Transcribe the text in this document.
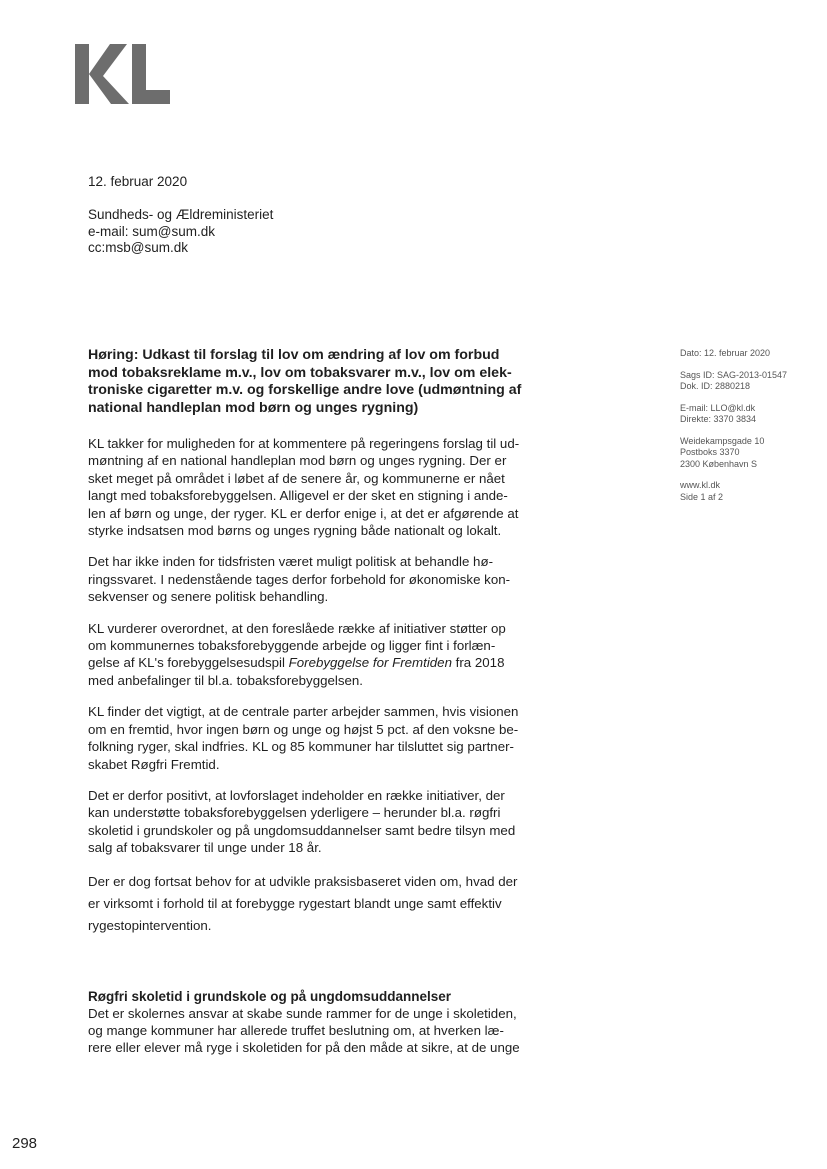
12. februar 2020
Sundheds- og Ældreministeriet
e-mail: sum@sum.dk
cc:msb@sum.dk
Høring: Udkast til forslag til lov om ændring af lov om forbud
mod tobaksreklame m.v., lov om tobaksvarer m.v., lov om elek-
troniske cigaretter m.v. og forskellige andre love (udmøntning af
national handleplan mod børn og unges rygning)

KL takker for muligheden for at kommentere på regeringens forslag til ud-
møntning af en national handleplan mod børn og unges rygning. Der er
sket meget på området i løbet af de senere år, og kommunerne er nået
langt med tobaksforebyggelsen. Alligevel er der sket en stigning i ande-
len af børn og unge, der ryger. KL er derfor enige i, at det er afgørende at
styrke indsatsen mod børns og unges rygning både nationalt og lokalt.

Det har ikke inden for tidsfristen været muligt politisk at behandle hø-
ringssvaret. I nedenstående tages derfor forbehold for økonomiske kon-
sekvenser og senere politisk behandling.

KL vurderer overordnet, at den foreslåede række af initiativer støtter op
om kommunernes tobaksforebyggende arbejde og ligger fint i forlæn-
gelse af KL's forebyggelsesudspil Forebyggelse for Fremtiden fra 2018
med anbefalinger til bl.a. tobaksforebyggelsen.

KL finder det vigtigt, at de centrale parter arbejder sammen, hvis visionen
om en fremtid, hvor ingen børn og unge og højst 5 pct. af den voksne be-
folkning ryger, skal indfries. KL og 85 kommuner har tilsluttet sig partner-
skabet Røgfri Fremtid.

Det er derfor positivt, at lovforslaget indeholder en række initiativer, der
kan understøtte tobaksforebyggelsen yderligere – herunder bl.a. røgfri
skoletid i grundskoler og på ungdomsuddannelser samt bedre tilsyn med
salg af tobaksvarer til unge under 18 år.

Der er dog fortsat behov for at udvikle praksisbaseret viden om, hvad der
er virksomt i forhold til at forebygge rygestart blandt unge samt effektiv
rygestopintervention.

Røgfri skoletid i grundskole og på ungdomsuddannelser

Det er skolernes ansvar at skabe sunde rammer for de unge i skoletiden,
og mange kommuner har allerede truffet beslutning om, at hverken læ-
rere eller elever må ryge i skoletiden for på den måde at sikre, at de unge

Dato: 12. februar 2020
Sags ID: SAG-2013-01547
Dok. ID: 2880218
E-mail: LLO@kl.dk
Direkte: 3370 3834
Weidekampsgade 10
Postboks 3370
2300 København S
www.kl.dk
Side 1 af 2
298
